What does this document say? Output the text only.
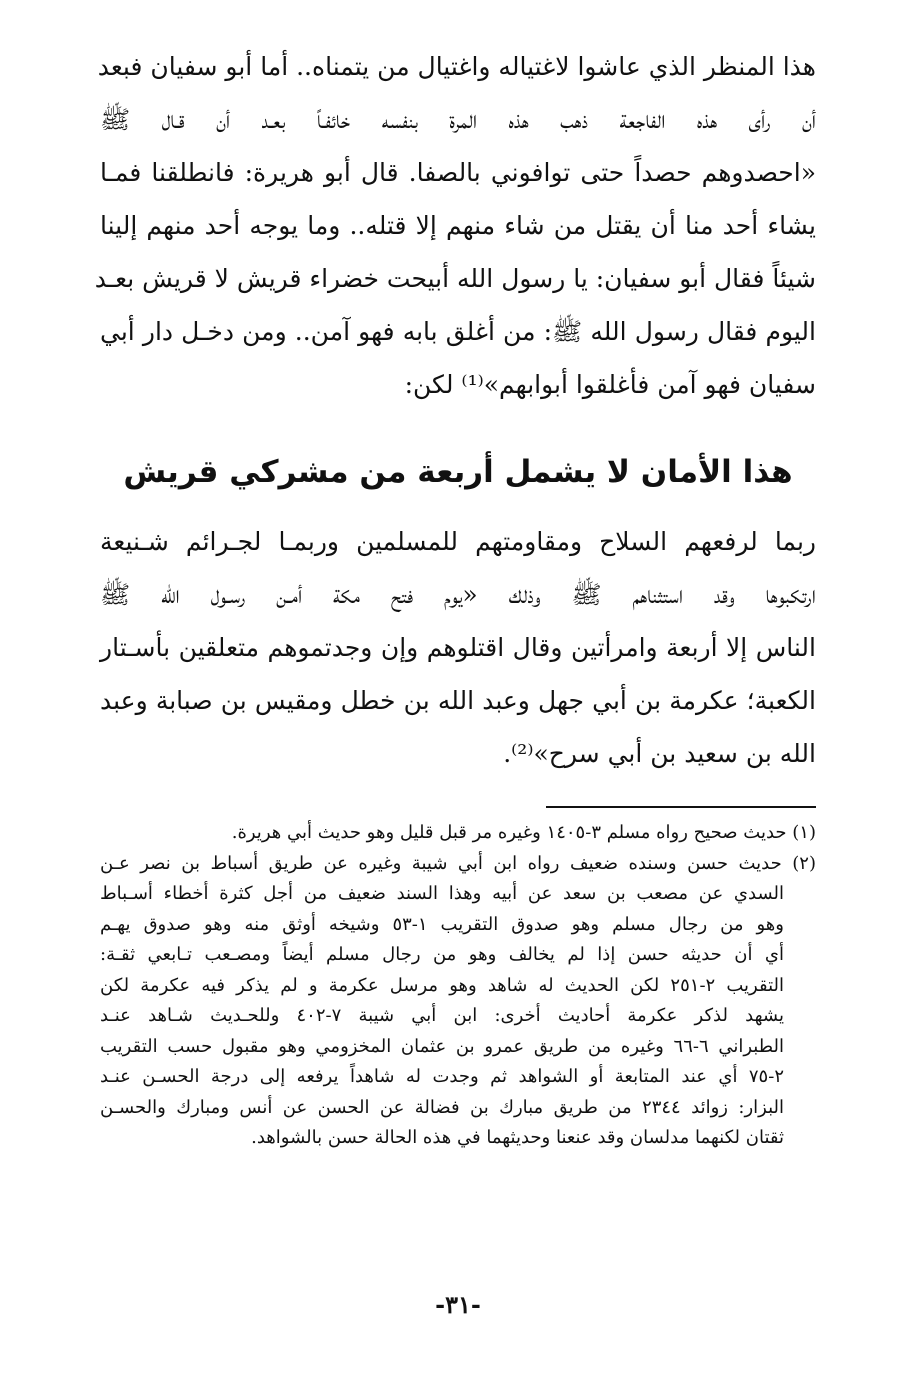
هذا المنظر الذي عاشوا لاغتياله واغتيال من يتمناه.. أما أبو سفيان فبعد
أن رأى هذه الفاجعة ذهب هذه المرة بنفسه خائفـاً بعـد أن قـال ﷺ
«احصدوهم حصداً حتى توافوني بالصفا. قال أبو هريرة: فانطلقنا فمـا
يشاء أحد منا أن يقتل من شاء منهم إلا قتله.. وما يوجه أحد منهم إلينا
شيئاً فقال أبو سفيان: يا رسول الله أبيحت خضراء قريش لا قريش بعـد
اليوم فقال رسول الله ﷺ: من أغلق بابه فهو آمن.. ومن دخـل دار أبي
سفيان فهو آمن فأغلقوا أبوابهم»⁽¹⁾ لكن:
هذا الأمان لا يشمل أربعة من مشركي قريش
ربما لرفعهم السلاح ومقاومتهم للمسلمين وربمـا لجـرائم شـنيعة
ارتكبوها وقد استثناهم ﷺ وذلك «يوم فتح مكة أمـن رسـول الله ﷺ
الناس إلا أربعة وامرأتين وقال اقتلوهم وإن وجدتموهم متعلقين بأسـتار
الكعبة؛ عكرمة بن أبي جهل وعبد الله بن خطل ومقيس بن صبابة وعبد
الله بن سعيد بن أبي سرح»⁽²⁾.
(١) حديث صحيح رواه مسلم ٣-١٤٠٥ وغيره مر قبل قليل وهو حديث أبي هريرة.
(٢) حديث حسن وسنده ضعيف رواه ابن أبي شيبة وغيره عن طريق أسباط بن نصر عـن
السدي عن مصعب بن سعد عن أبيه وهذا السند ضعيف من أجل كثرة أخطاء أسـباط
وهو من رجال مسلم وهو صدوق التقريب ١-٥٣ وشيخه أوثق منه وهو صدوق يهـم
أي أن حديثه حسن إذا لم يخالف وهو من رجال مسلم أيضاً ومصـعب تـابعي ثقـة:
التقريب ٢-٢٥١ لكن الحديث له شاهد وهو مرسل عكرمة و لم يذكر فيه عكرمة لكن
يشهد لذكر عكرمة أحاديث أخرى: ابن أبي شيبة ٧-٤٠٢ وللحـديث شـاهد عنـد
الطبراني ٦-٦٦ وغيره من طريق عمرو بن عثمان المخزومي وهو مقبول حسب التقريب
٢-٧٥ أي عند المتابعة أو الشواهد ثم وجدت له شاهداً يرفعه إلى درجة الحسـن عنـد
البزار: زوائد ٢٣٤٤ من طريق مبارك بن فضالة عن الحسن عن أنس ومبارك والحسـن
ثقتان لكنهما مدلسان وقد عنعنا وحديثهما في هذه الحالة حسن بالشواهد.
-٣١-
